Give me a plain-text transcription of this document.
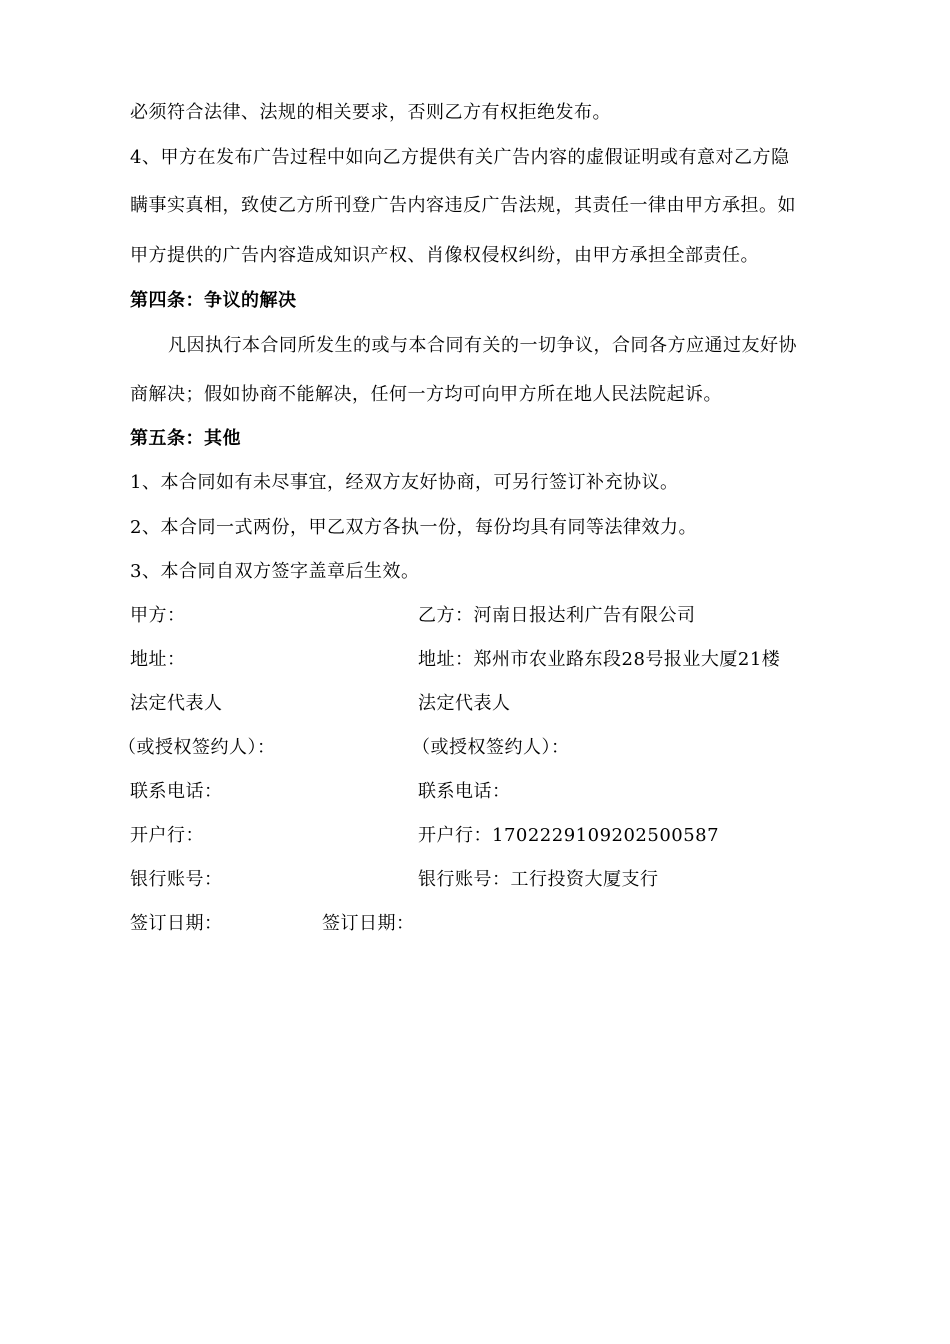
必须符合法律、法规的相关要求，否则乙方有权拒绝发布。
4、甲方在发布广告过程中如向乙方提供有关广告内容的虚假证明或有意对乙方隐
瞒事实真相，致使乙方所刊登广告内容违反广告法规，其责任一律由甲方承担。如
甲方提供的广告内容造成知识产权、肖像权侵权纠纷，由甲方承担全部责任。
第四条：争议的解决
凡因执行本合同所发生的或与本合同有关的一切争议，合同各方应通过友好协
商解决；假如协商不能解决，任何一方均可向甲方所在地人民法院起诉。
第五条：其他
1、本合同如有未尽事宜，经双方友好协商，可另行签订补充协议。
2、本合同一式两份，甲乙双方各执一份，每份均具有同等法律效力。
3、本合同自双方签字盖章后生效。
甲方：
地址：
法定代表人
（或授权签约人）：
联系电话：
开户行：
银行账号：
签订日期：
乙方：河南日报达利广告有限公司
地址：郑州市农业路东段28号报业大厦21楼
法定代表人
（或授权签约人）：
联系电话：
开户行：1702229109202500587
银行账号：工行投资大厦支行
签订日期：
